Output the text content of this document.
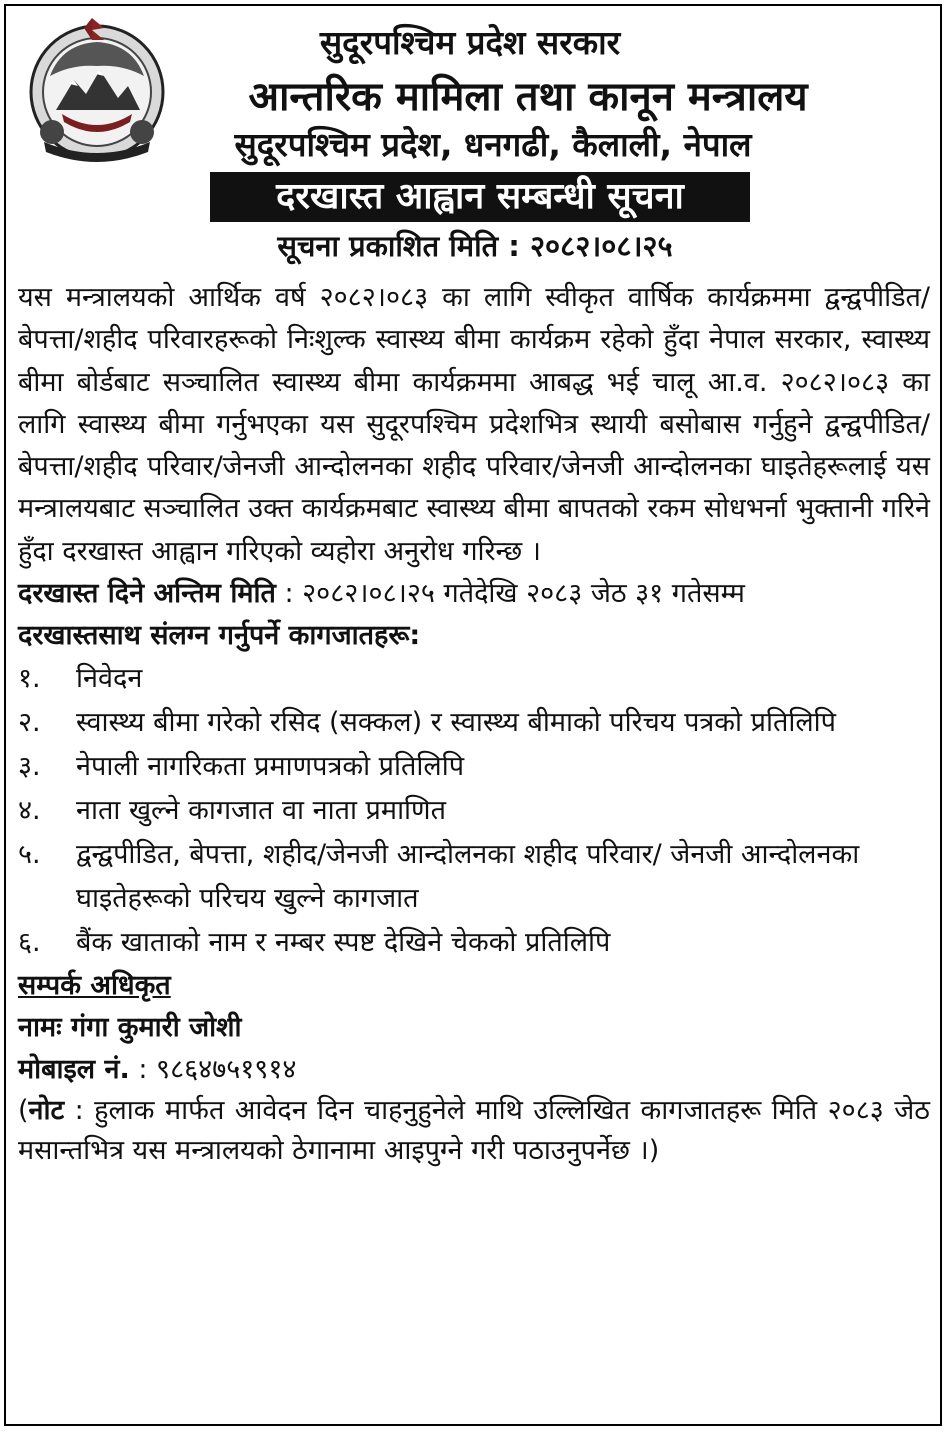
सुदूरपश्चिम प्रदेश सरकार
आन्तरिक मामिला तथा कानून मन्त्रालय
सुदूरपश्चिम प्रदेश, धनगढी, कैलाली, नेपाल
दरखास्त आह्वान सम्बन्धी सूचना
सूचना प्रकाशित मिति : २०८२।०८।२५

यस मन्त्रालयको आर्थिक वर्ष २०८२।०८३ का लागि स्वीकृत वार्षिक कार्यक्रममा द्वन्द्वपीडित/बेपत्ता/शहीद परिवारहरूको निःशुल्क स्वास्थ्य बीमा कार्यक्रम रहेको हुँदा नेपाल सरकार, स्वास्थ्य बीमा बोर्डबाट सञ्चालित स्वास्थ्य बीमा कार्यक्रममा आबद्ध भई चालू आ.व. २०८२।०८३ का लागि स्वास्थ्य बीमा गर्नुभएका यस सुदूरपश्चिम प्रदेशभित्र स्थायी बसोबास गर्नुहुने द्वन्द्वपीडित/बेपत्ता/शहीद परिवार/जेनजी आन्दोलनका शहीद परिवार/जेनजी आन्दोलनका घाइतेहरूलाई यस मन्त्रालयबाट सञ्चालित उक्त कार्यक्रमबाट स्वास्थ्य बीमा बापतको रकम सोधभर्ना भुक्तानी गरिने हुँदा दरखास्त आह्वान गरिएको व्यहोरा अनुरोध गरिन्छ ।

दरखास्त दिने अन्तिम मिति : २०८२।०८।२५ गतेदेखि २०८३ जेठ ३१ गतेसम्म

दरखास्तसाथ संलग्न गर्नुपर्ने कागजातहरू:

१.	निवेदन
२.	स्वास्थ्य बीमा गरेको रसिद (सक्कल) र स्वास्थ्य बीमाको परिचय पत्रको प्रतिलिपि
३.	नेपाली नागरिकता प्रमाणपत्रको प्रतिलिपि
४.	नाता खुल्ने कागजात वा नाता प्रमाणित
५.	द्वन्द्वपीडित, बेपत्ता, शहीद/जेनजी आन्दोलनका शहीद परिवार/ जेनजी आन्दोलनका घाइतेहरूको परिचय खुल्ने कागजात
६.	बैंक खाताको नाम र नम्बर स्पष्ट देखिने चेकको प्रतिलिपि

सम्पर्क अधिकृत

नामः गंगा कुमारी जोशी

मोबाइल नं. : ९८६४७५१९१४

(नोट : हुलाक मार्फत आवेदन दिन चाहनुहुनेले माथि उल्लिखित कागजातहरू मिति २०८३ जेठ मसान्तभित्र यस मन्त्रालयको ठेगानामा आइपुग्ने गरी पठाउनुपर्नेछ ।)
